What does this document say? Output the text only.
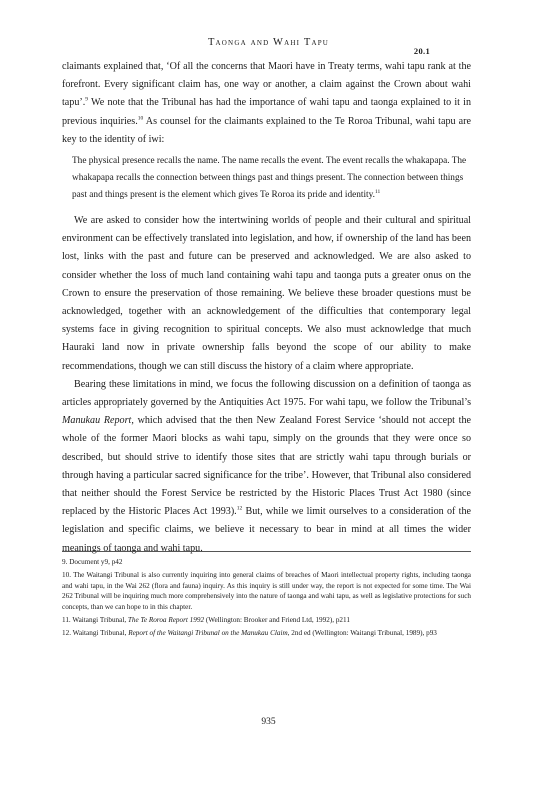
Taonga and Wahi Tapu
20.1

claimants explained that, ‘Of all the concerns that Maori have in Treaty terms, wahi tapu rank at the forefront. Every significant claim has, one way or another, a claim against the Crown about wahi tapu’.$^9$ We note that the Tribunal has had the importance of wahi tapu and taonga explained to it in previous inquiries.$^{10}$ As counsel for the claimants explained to the Te Roroa Tribunal, wahi tapu are key to the identity of iwi:

The physical presence recalls the name. The name recalls the event. The event recalls the whakapapa. The whakapapa recalls the connection between things past and things present. The connection between things past and things present is the element which gives Te Roroa its pride and identity.$^{11}$

We are asked to consider how the intertwining worlds of people and their cultural and spiritual environment can be effectively translated into legislation, and how, if ownership of the land has been lost, links with the past and future can be preserved and acknowledged. We are also asked to consider whether the loss of much land containing wahi tapu and taonga puts a greater onus on the Crown to ensure the preservation of those remaining. We believe these broader questions must be acknowledged, together with an acknowledgement of the difficulties that contemporary legal systems face in giving recognition to spiritual concepts. We also must acknowledge that much Hauraki land now in private ownership falls beyond the scope of our ability to make recommendations, though we can still discuss the history of a claim where appropriate.

Bearing these limitations in mind, we focus the following discussion on a definition of taonga as articles appropriately governed by the Antiquities Act 1975. For wahi tapu, we follow the Tribunal’s Manukau Report, which advised that the then New Zealand Forest Service ‘should not accept the whole of the former Maori blocks as wahi tapu, simply on the grounds that they were once so described, but should strive to identify those sites that are strictly wahi tapu through burials or through having a particular sacred significance for the tribe’. However, that Tribunal also considered that neither should the Forest Service be restricted by the Historic Places Trust Act 1980 (since replaced by the Historic Places Act 1993).$^{12}$ But, while we limit ourselves to a consideration of the legislation and specific claims, we believe it necessary to bear in mind at all times the wider meanings of taonga and wahi tapu.

9. Document y9, p42

10. The Waitangi Tribunal is also currently inquiring into general claims of breaches of Maori intellectual property rights, including taonga and wahi tapu, in the Wai 262 (flora and fauna) inquiry. As this inquiry is still under way, the report is not expected for some time. The Wai 262 Tribunal will be inquiring much more comprehensively into the nature of taonga and wahi tapu, as well as legislative protections for such concepts, than we can hope to in this chapter.

11. Waitangi Tribunal, The Te Roroa Report 1992 (Wellington: Brooker and Friend Ltd, 1992), p211

12. Waitangi Tribunal, Report of the Waitangi Tribunal on the Manukau Claim, 2nd ed (Wellington: Waitangi Tribunal, 1989), p93

935
